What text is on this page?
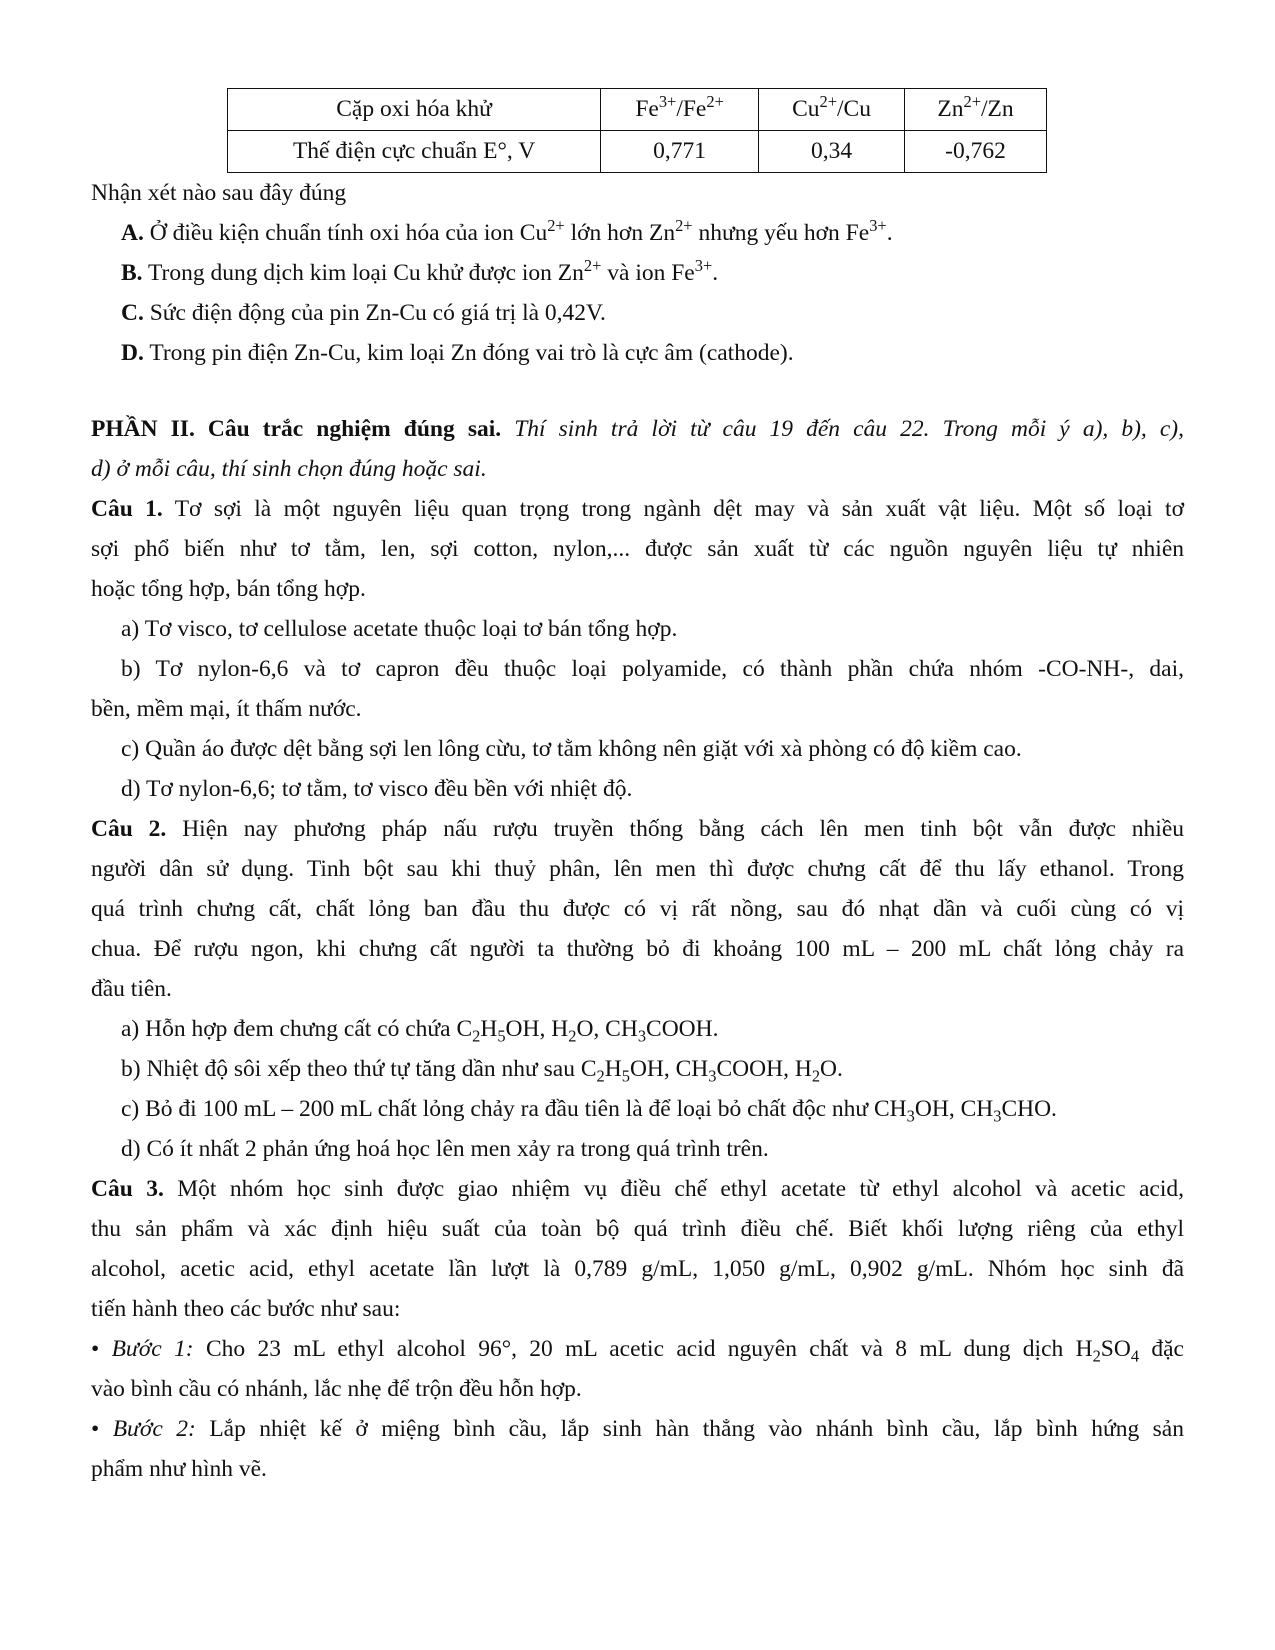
Cặp oxi hóa khử	$Fe^{3+}/Fe^{2+}$	$Cu^{2+}/Cu$	$Zn^{2+}/Zn$
Thế điện cực chuẩn E°, V	0,771	0,34	-0,762

Nhận xét nào sau đây đúng

A. Ở điều kiện chuẩn tính oxi hóa của ion $Cu^{2+}$ lớn hơn $Zn^{2+}$ nhưng yếu hơn $Fe^{3+}$.

B. Trong dung dịch kim loại Cu khử được ion $Zn^{2+}$ và ion $Fe^{3+}$.

C. Sức điện động của pin Zn-Cu có giá trị là 0,42V.

D. Trong pin điện Zn-Cu, kim loại Zn đóng vai trò là cực âm (cathode).

PHẦN II. Câu trắc nghiệm đúng sai. Thí sinh trả lời từ câu 19 đến câu 22. Trong mỗi ý a), b), c),

d) ở mỗi câu, thí sinh chọn đúng hoặc sai.

Câu 1. Tơ sợi là một nguyên liệu quan trọng trong ngành dệt may và sản xuất vật liệu. Một số loại tơ
sợi phổ biến như tơ tằm, len, sợi cotton, nylon,... được sản xuất từ các nguồn nguyên liệu tự nhiên

hoặc tổng hợp, bán tổng hợp.

a) Tơ visco, tơ cellulose acetate thuộc loại tơ bán tổng hợp.

b) Tơ nylon-6,6 và tơ capron đều thuộc loại polyamide, có thành phần chứa nhóm -CO-NH-, dai,

bền, mềm mại, ít thấm nước.

c) Quần áo được dệt bằng sợi len lông cừu, tơ tằm không nên giặt với xà phòng có độ kiềm cao.

d) Tơ nylon-6,6; tơ tằm, tơ visco đều bền với nhiệt độ.

Câu 2. Hiện nay phương pháp nấu rượu truyền thống bằng cách lên men tinh bột vẫn được nhiều
người dân sử dụng. Tinh bột sau khi thuỷ phân, lên men thì được chưng cất để thu lấy ethanol. Trong
quá trình chưng cất, chất lỏng ban đầu thu được có vị rất nồng, sau đó nhạt dần và cuối cùng có vị
chua. Để rượu ngon, khi chưng cất người ta thường bỏ đi khoảng 100 mL – 200 mL chất lỏng chảy ra

đầu tiên.

a) Hỗn hợp đem chưng cất có chứa $C_2H_5OH$, $H_2O$, $CH_3COOH$.

b) Nhiệt độ sôi xếp theo thứ tự tăng dần như sau $C_2H_5OH$, $CH_3COOH$, $H_2O$.

c) Bỏ đi 100 mL – 200 mL chất lỏng chảy ra đầu tiên là để loại bỏ chất độc như $CH_3OH$, $CH_3CHO$.

d) Có ít nhất 2 phản ứng hoá học lên men xảy ra trong quá trình trên.

Câu 3. Một nhóm học sinh được giao nhiệm vụ điều chế ethyl acetate từ ethyl alcohol và acetic acid,
thu sản phẩm và xác định hiệu suất của toàn bộ quá trình điều chế. Biết khối lượng riêng của ethyl
alcohol, acetic acid, ethyl acetate lần lượt là 0,789 g/mL, 1,050 g/mL, 0,902 g/mL. Nhóm học sinh đã

tiến hành theo các bước như sau:

• Bước 1: Cho 23 mL ethyl alcohol 96°, 20 mL acetic acid nguyên chất và 8 mL dung dịch $H_2SO_4$ đặc

vào bình cầu có nhánh, lắc nhẹ để trộn đều hỗn hợp.

• Bước 2: Lắp nhiệt kế ở miệng bình cầu, lắp sinh hàn thẳng vào nhánh bình cầu, lắp bình hứng sản

phẩm như hình vẽ.
